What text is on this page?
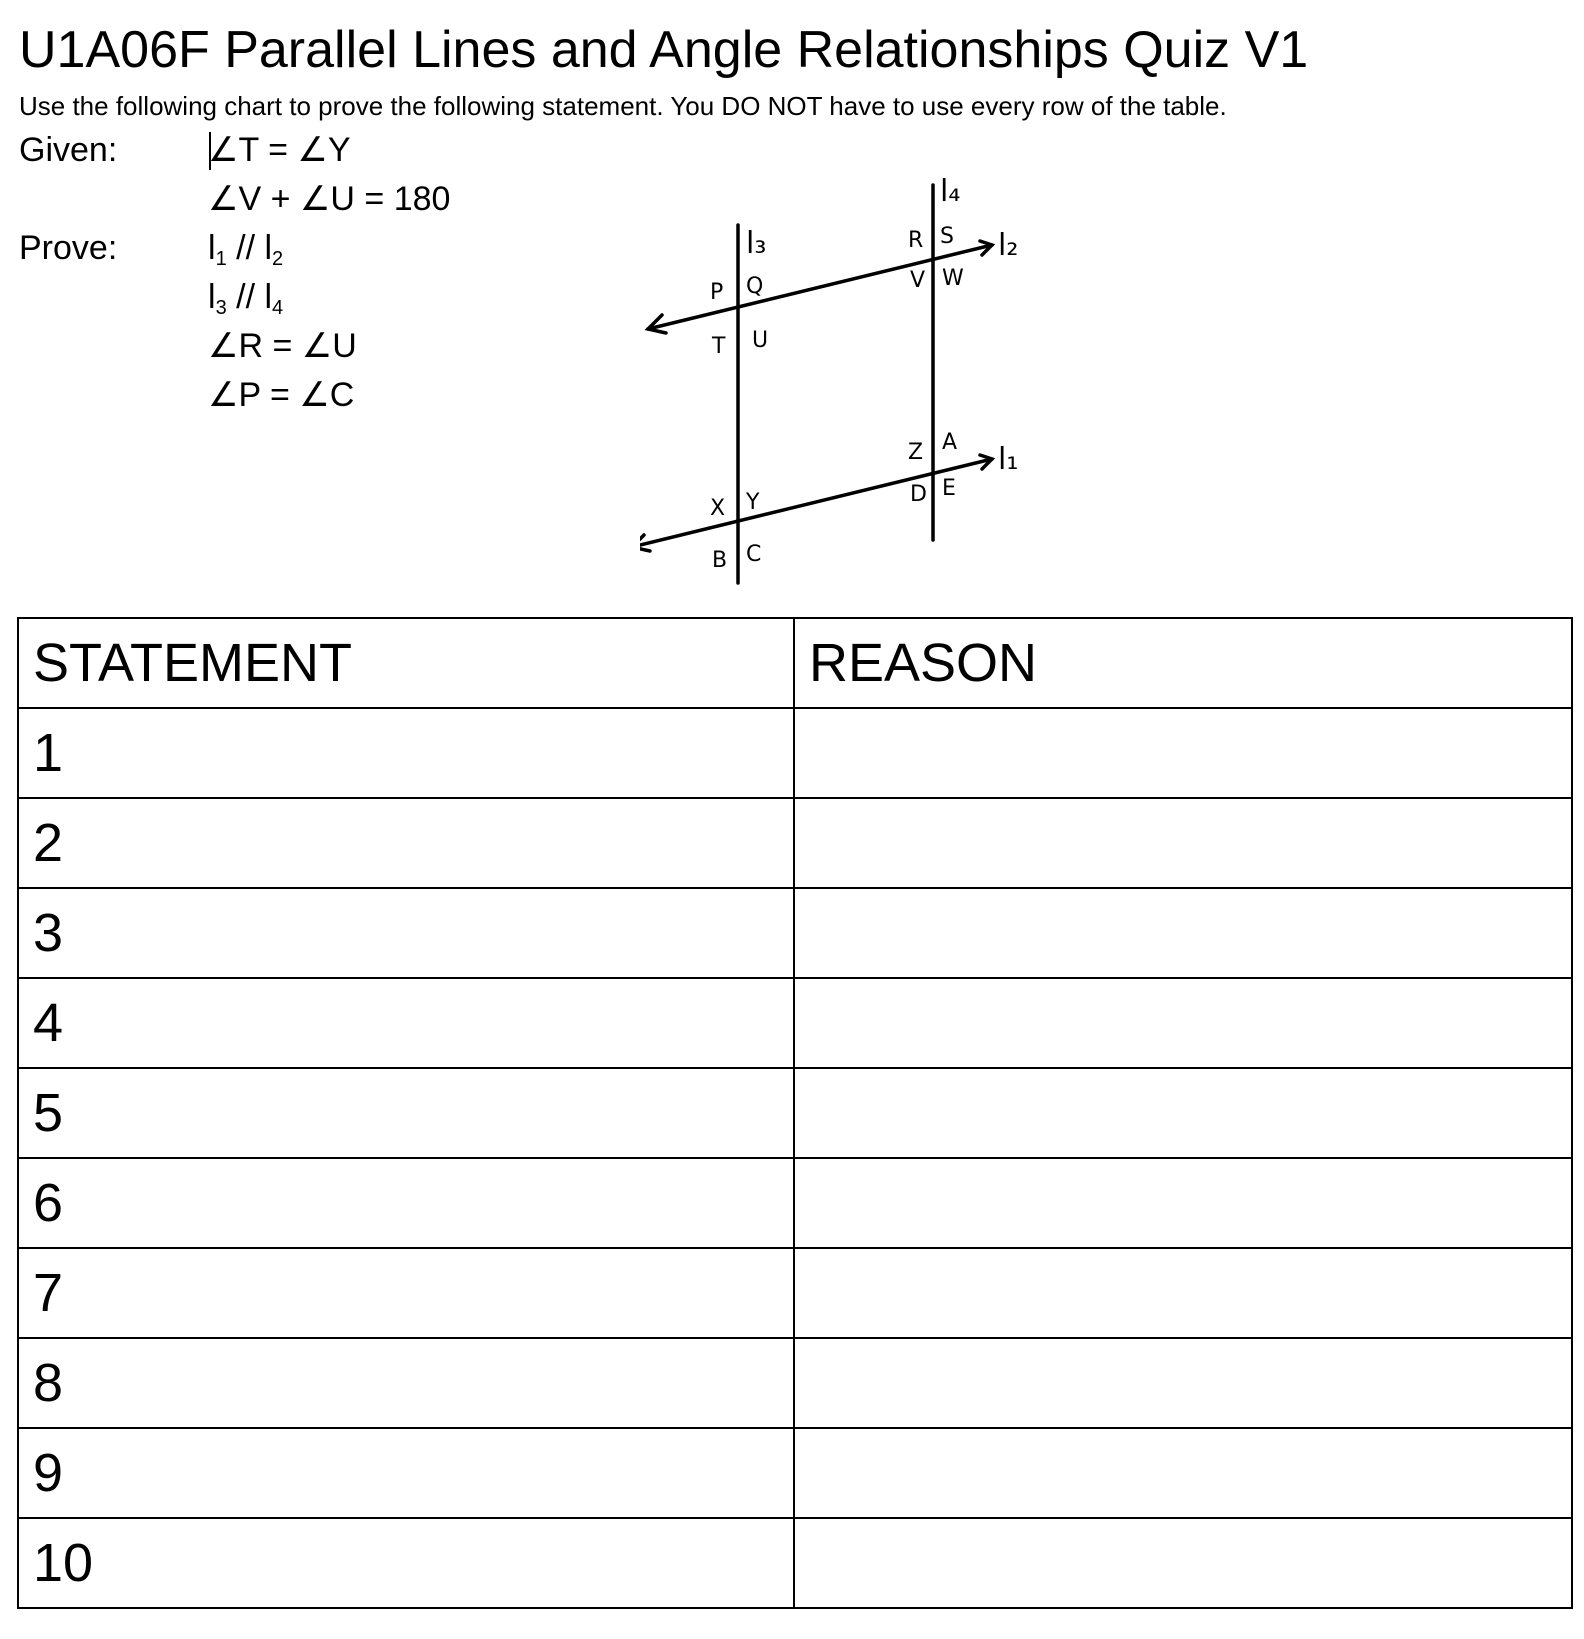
U1A06F Parallel Lines and Angle Relationships Quiz V1
Use the following chart to prove the following statement. You DO NOT have to use every row of the table.
Given:	∠T = ∠Y
∠V + ∠U = 180
Prove:	$l_1 // l_2$
$l_3 // l_4$
∠R = ∠U
∠P = ∠C
l₃
l₄
l₂
l₁
P Q
T U
R S
V W
X Y
B C
Z A
D E
STATEMENT	REASON
1	
2	
3	
4	
5	
6	
7	
8	
9	
10	
